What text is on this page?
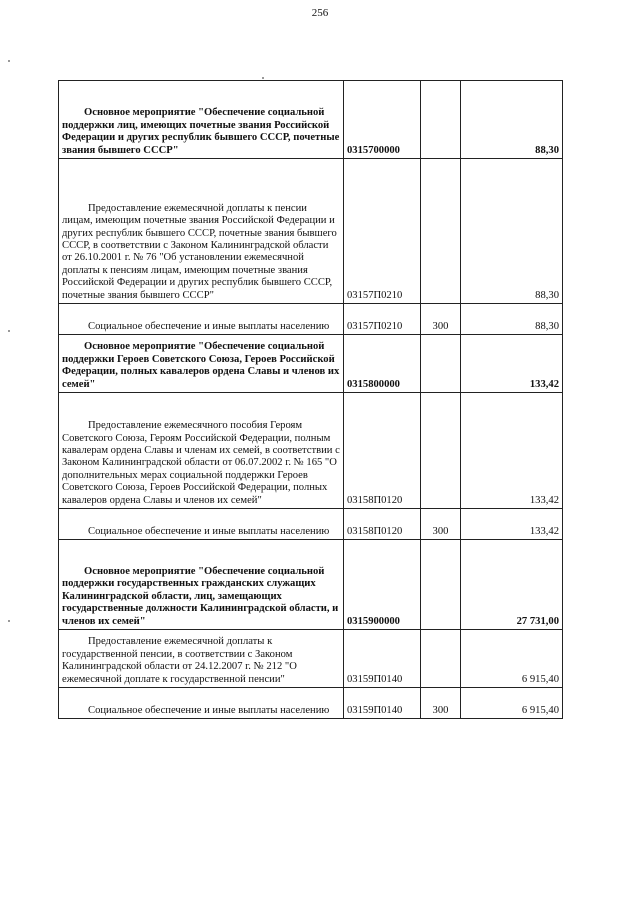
256
Основное мероприятие "Обеспечение социальной поддержки лиц, имеющих почетные звания Российской Федерации и других республик бывшего СССР, почетные звания бывшего СССР"	0315700000		88,30

Предоставление ежемесячной доплаты к пенсии лицам, имеющим почетные звания Российской Федерации и других республик бывшего СССР, почетные звания бывшего СССР, в соответствии с Законом Калининградской области от 26.10.2001 г. № 76 "Об установлении ежемесячной доплаты к пенсиям лицам, имеющим почетные звания Российской Федерации и других республик бывшего СССР, почетные звания бывшего СССР"	03157П0210		88,30

Социальное обеспечение и иные выплаты населению	03157П0210	300	88,30

Основное мероприятие "Обеспечение социальной поддержки Героев Советского Союза, Героев Российской Федерации, полных кавалеров ордена Славы и членов их семей"	0315800000		133,42

Предоставление ежемесячного пособия Героям Советского Союза, Героям Российской Федерации, полным кавалерам ордена Славы и членам их семей, в соответствии с Законом Калининградской области от 06.07.2002 г. № 165 "О дополнительных мерах социальной поддержки Героев Советского Союза, Героев Российской Федерации, полных кавалеров ордена Славы и членов их семей"	03158П0120		133,42

Социальное обеспечение и иные выплаты населению	03158П0120	300	133,42

Основное мероприятие "Обеспечение социальной поддержки государственных гражданских служащих Калининградской области, лиц, замещающих государственные должности Калининградской области, и членов их семей"	0315900000		27 731,00

Предоставление ежемесячной доплаты к государственной пенсии, в соответствии с Законом Калининградской области от 24.12.2007 г. № 212 "О ежемесячной доплате к государственной пенсии"	03159П0140		6 915,40

Социальное обеспечение и иные выплаты населению	03159П0140	300	6 915,40
